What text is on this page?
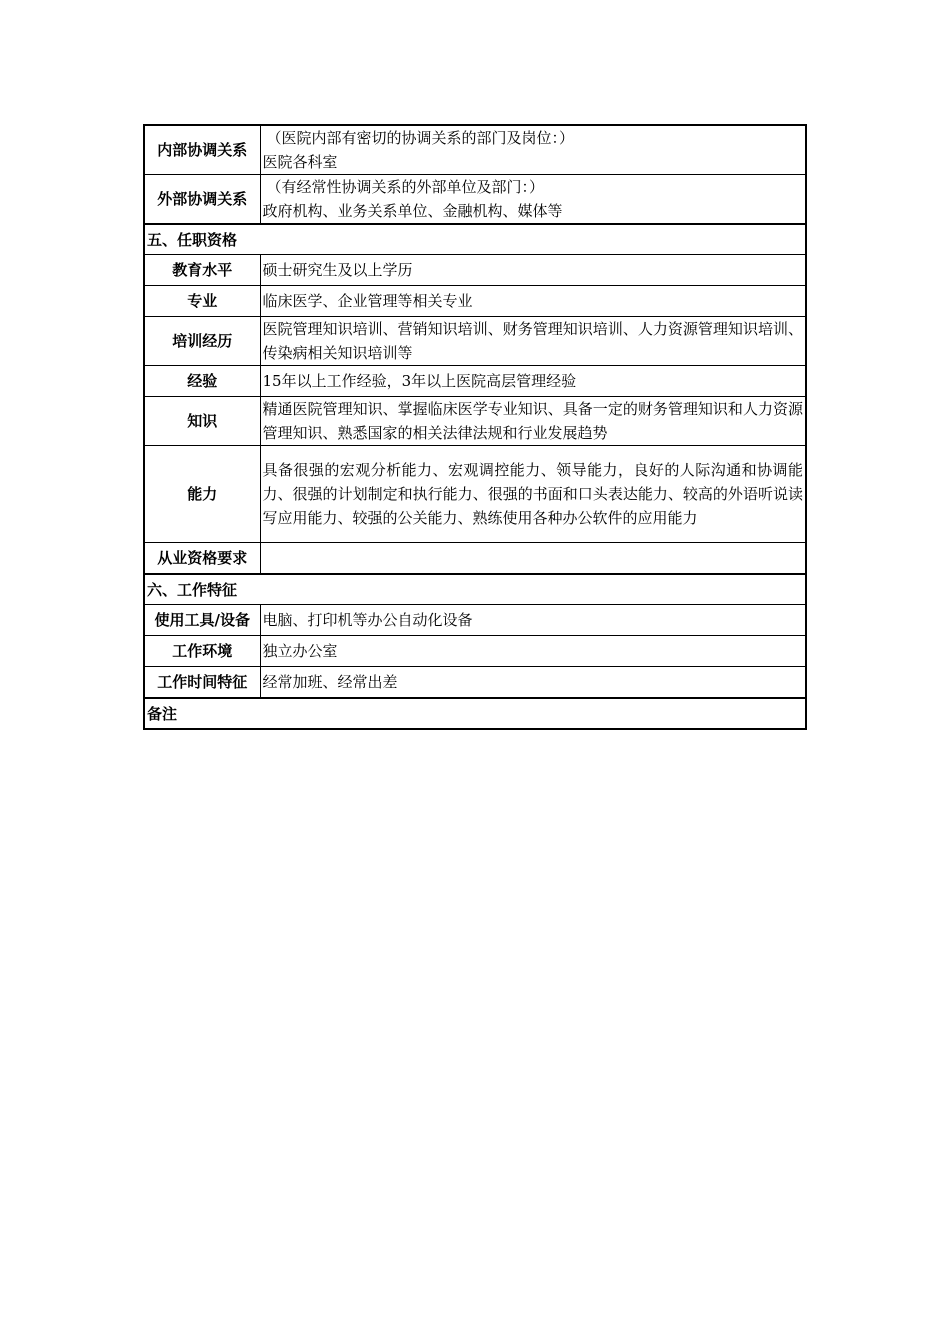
内部协调关系	（医院内部有密切的协调关系的部门及岗位：）
医院各科室

外部协调关系	（有经常性协调关系的外部单位及部门：）
政府机构、业务关系单位、金融机构、媒体等

五、任职资格	
教育水平	硕士研究生及以上学历
专业	临床医学、企业管理等相关专业
培训经历	医院管理知识培训、营销知识培训、财务管理知识培训、人力资源管理知识培训、传染病相关知识培训等
经验	15年以上工作经验，3年以上医院高层管理经验
知识	精通医院管理知识、掌握临床医学专业知识、具备一定的财务管理知识和人力资源管理知识、熟悉国家的相关法律法规和行业发展趋势
能力	具备很强的宏观分析能力、宏观调控能力、领导能力，良好的人际沟通和协调能力、很强的计划制定和执行能力、很强的书面和口头表达能力、较高的外语听说读写应用能力、较强的公关能力、熟练使用各种办公软件的应用能力
从业资格要求	
六、工作特征	
使用工具/设备	电脑、打印机等办公自动化设备
工作环境	独立办公室
工作时间特征	经常加班、经常出差
备注	
